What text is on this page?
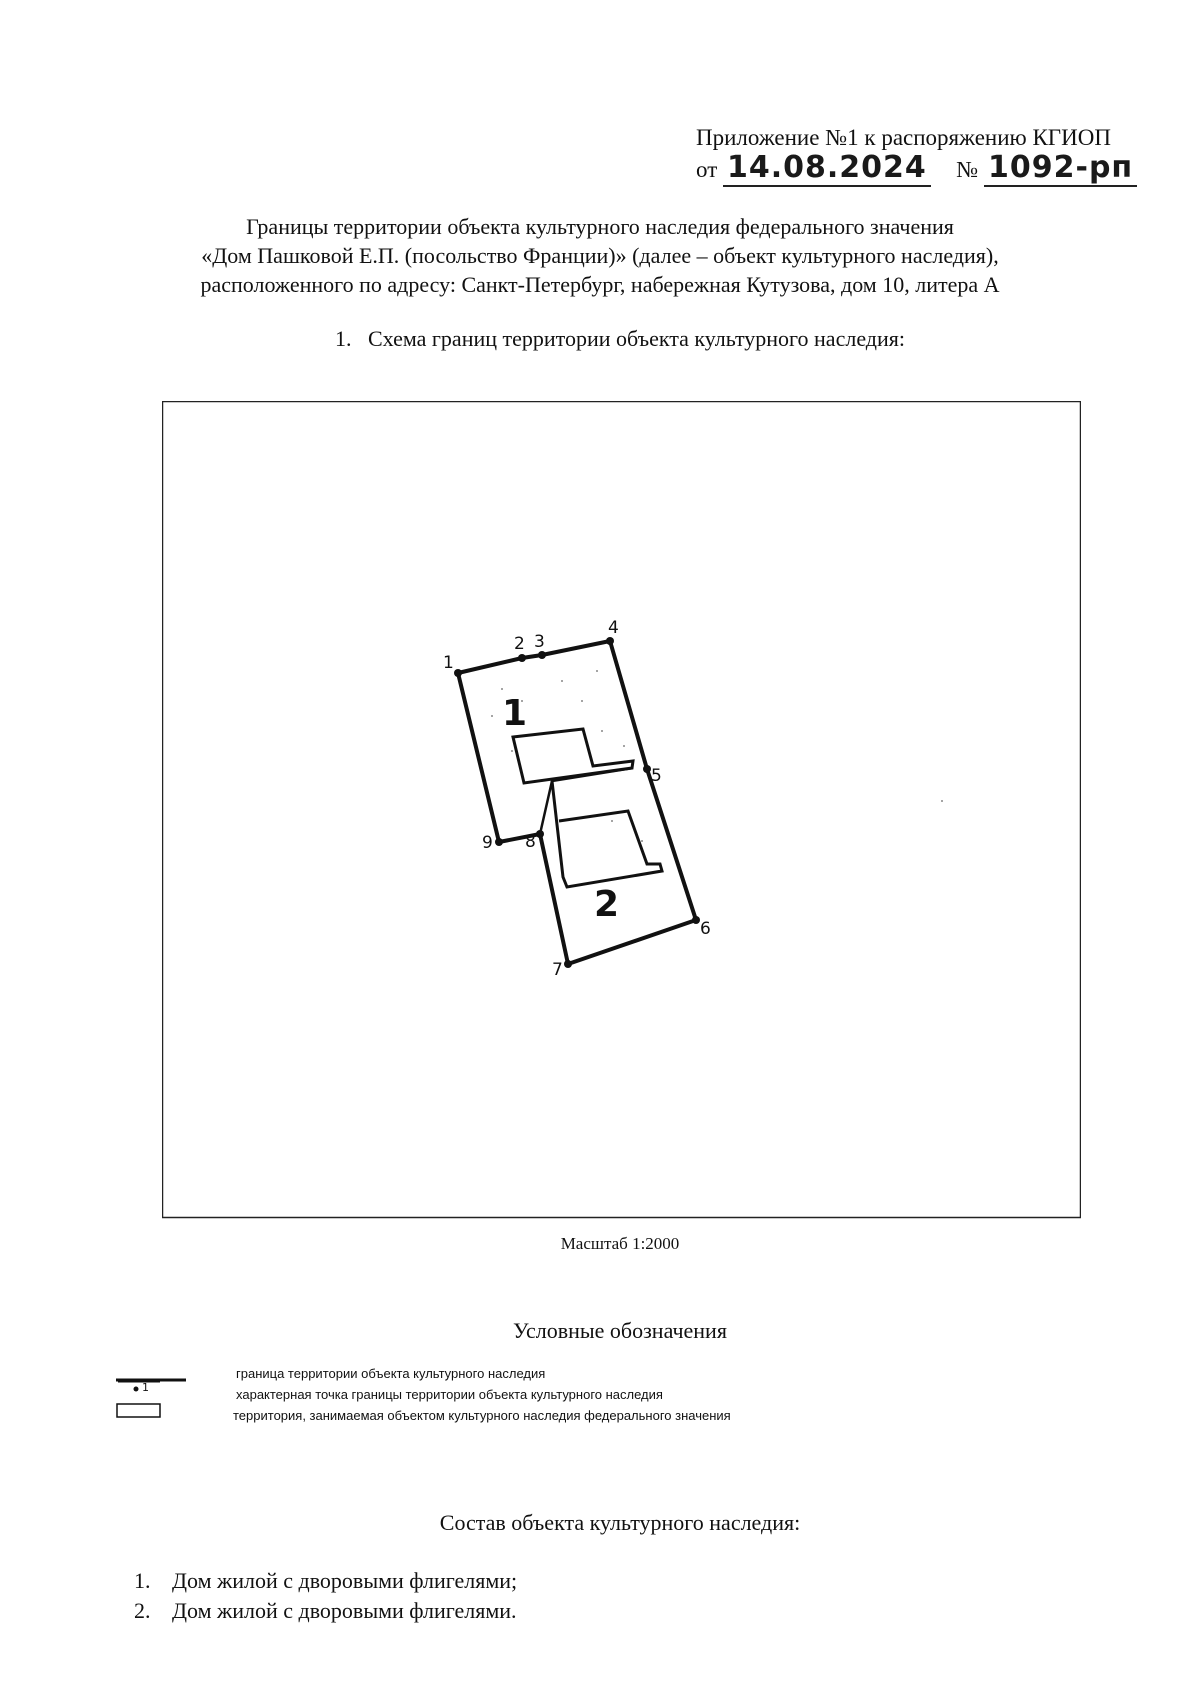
Приложение №1 к распоряжению КГИОП
от 14.08.2024 № 1092-рп
Границы территории объекта культурного наследия федерального значения
«Дом Пашковой Е.П. (посольство Франции)» (далее – объект культурного наследия),
расположенного по адресу: Санкт-Петербург, набережная Кутузова, дом 10, литера А
1. Схема границ территории объекта культурного наследия:
1
2 3
4
5
6
7
8
9
1
2
Масштаб 1:2000
Условные обозначения
граница территории объекта культурного наследия
1	характерная точка границы территории объекта культурного наследия
территория, занимаемая объектом культурного наследия федерального значения
Состав объекта культурного наследия:
1. Дом жилой с дворовыми флигелями;
2. Дом жилой с дворовыми флигелями.
